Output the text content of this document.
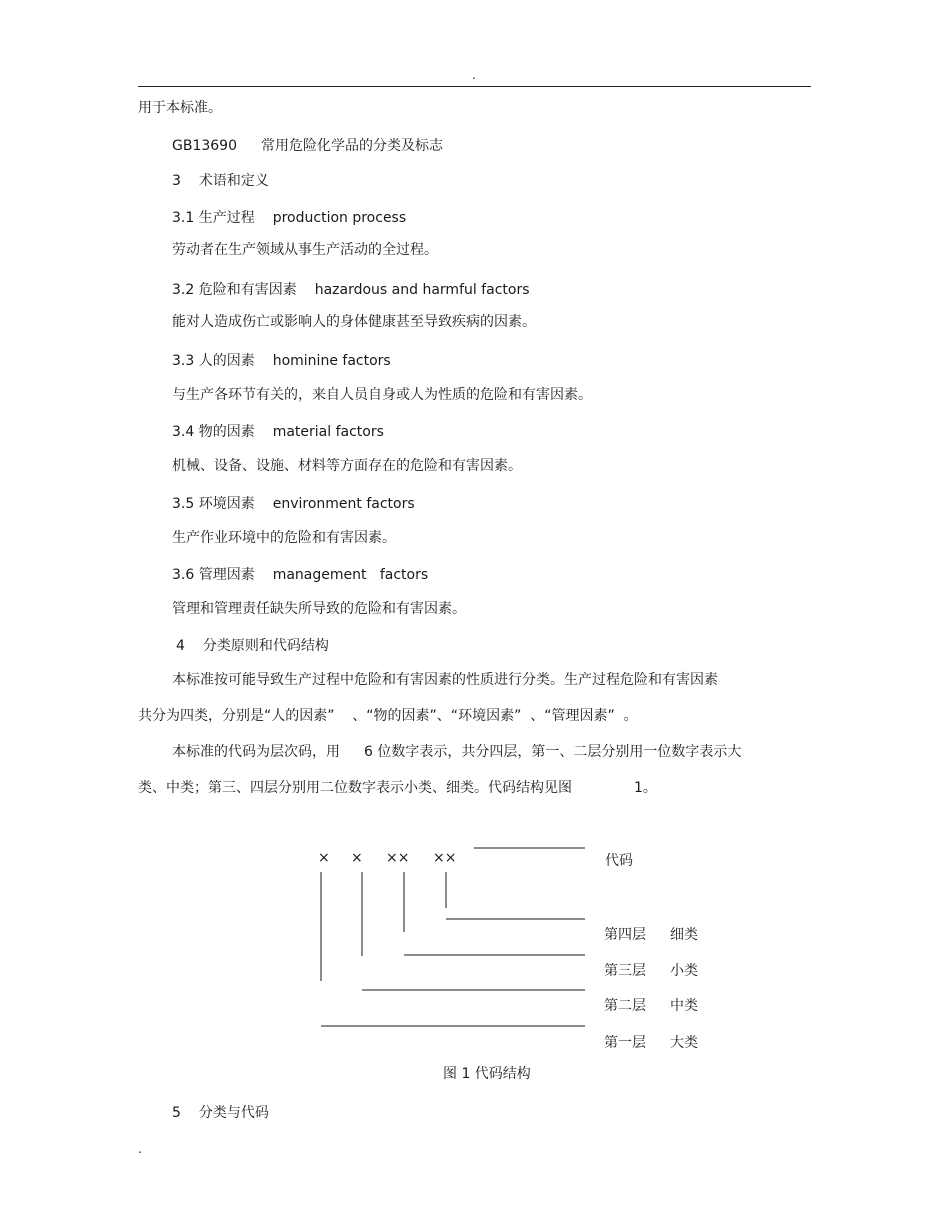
.
用于本标准。
GB13690 常用危险化学品的分类及标志
3 术语和定义
3.1 生产过程 production process
劳动者在生产领域从事生产活动的全过程。
3.2 危险和有害因素 hazardous and harmful factors
能对人造成伤亡或影响人的身体健康甚至导致疾病的因素。
3.3 人的因素 hominine factors
与生产各环节有关的，来自人员自身或人为性质的危险和有害因素。
3.4 物的因素 material factors
机械、设备、设施、材料等方面存在的危险和有害因素。
3.5 环境因素 environment factors
生产作业环境中的危险和有害因素。
3.6 管理因素 management   factors
管理和管理责任缺失所导致的危险和有害因素。
4 分类原则和代码结构
本标准按可能导致生产过程中危险和有害因素的性质进行分类。生产过程危险和有害因素
共分为四类，分别是“人的因素”    、“物的因素”、“环境因素”  、“管理因素”  。
本标准的代码为层次码，用 6 位数字表示，共分四层，第一、二层分别用一位数字表示大
类、中类；第三、四层分别用二位数字表示小类、细类。代码结构见图	1。
× × ×× ××	代码
第四层 细类
第三层 小类
第二层 中类
第一层 大类
图 1 代码结构
5 分类与代码
.
